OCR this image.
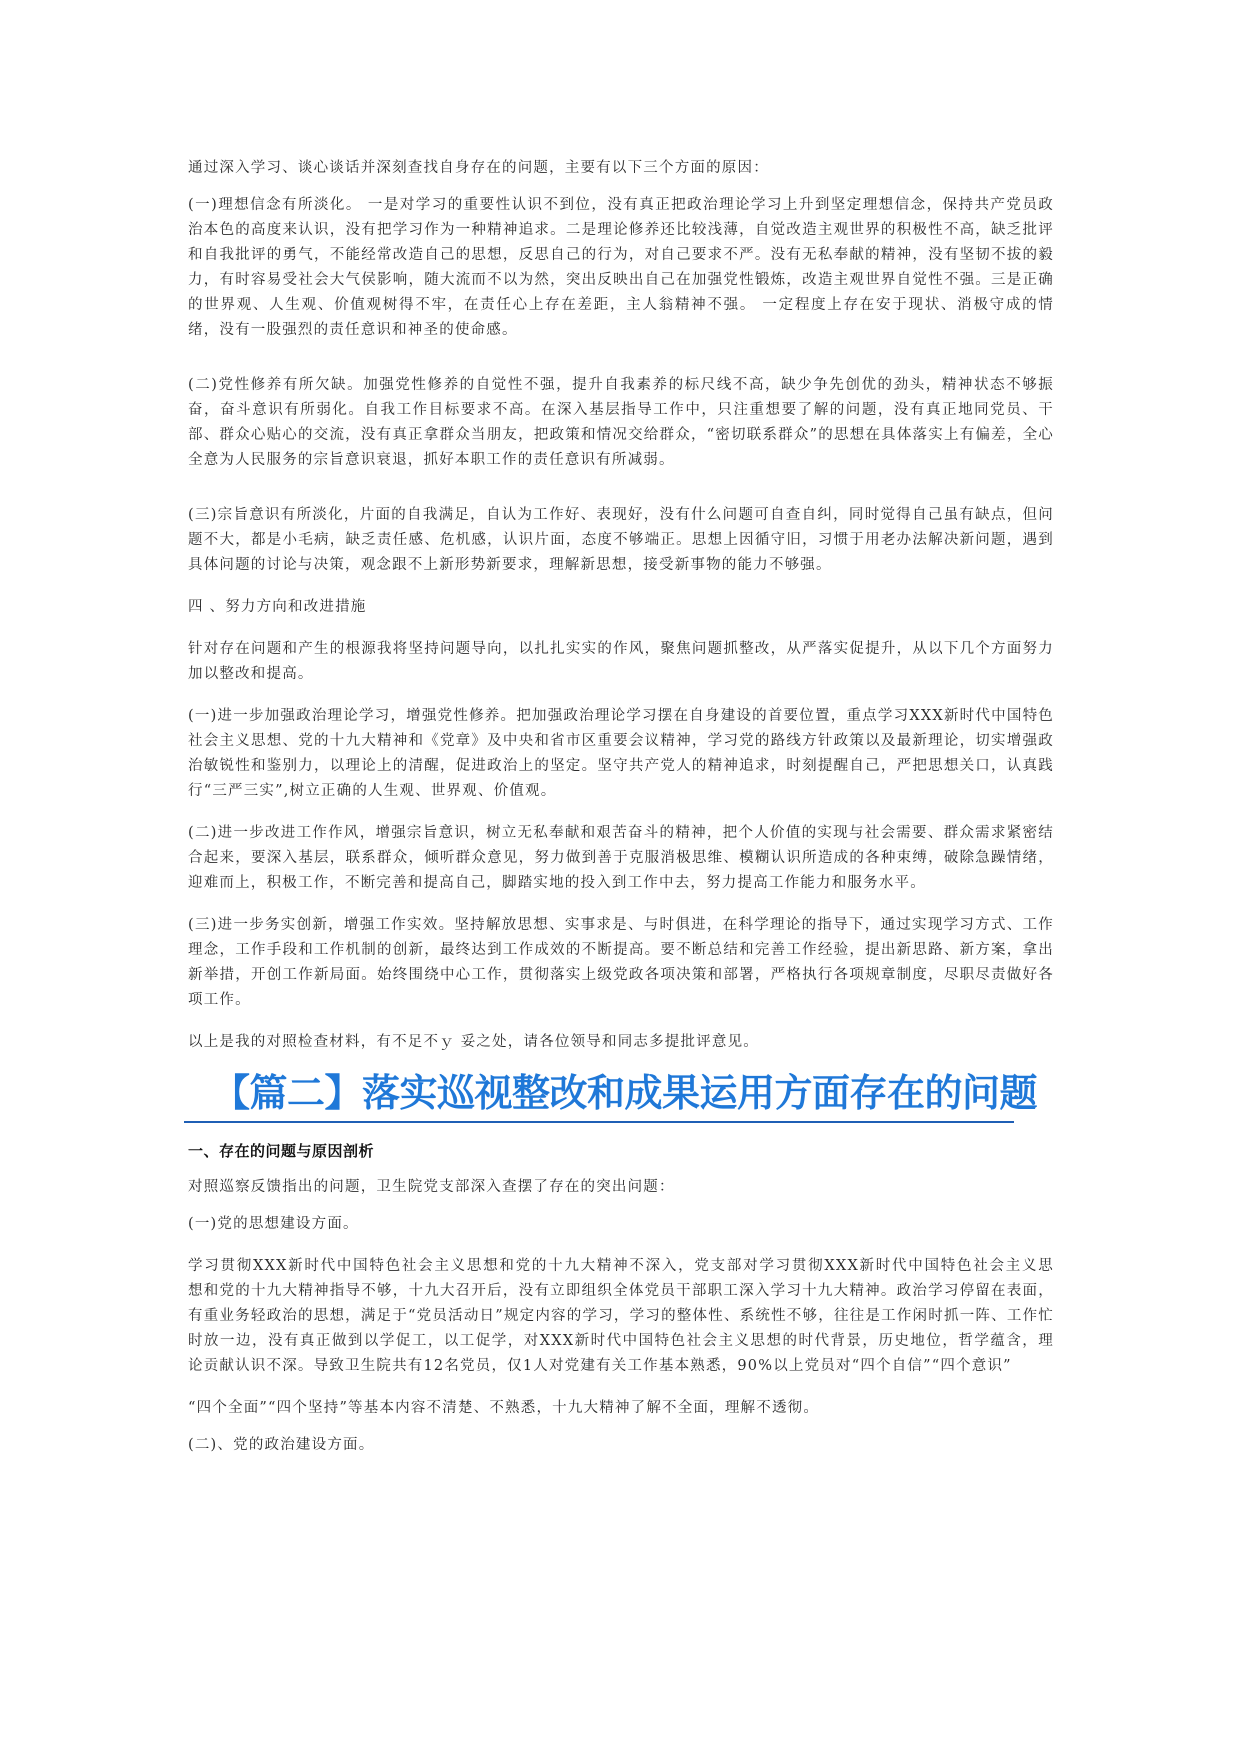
通过深入学习、谈心谈话并深刻查找自身存在的问题，主要有以下三个方面的原因：

(一)理想信念有所淡化。 一是对学习的重要性认识不到位，没有真正把政治理论学习上升到坚定理想信念，保持共产党员政治本色的高度来认识，没有把学习作为一种精神追求。二是理论修养还比较浅薄，自觉改造主观世界的积极性不高，缺乏批评和自我批评的勇气，不能经常改造自己的思想，反思自己的行为，对自己要求不严。没有无私奉献的精神，没有坚韧不拔的毅力，有时容易受社会大气侯影响，随大流而不以为然，突出反映出自己在加强党性锻炼，改造主观世界自觉性不强。三是正确的世界观、人生观、价值观树得不牢，在责任心上存在差距，主人翁精神不强。 一定程度上存在安于现状、消极守成的情绪，没有一股强烈的责任意识和神圣的使命感。

(二)党性修养有所欠缺。加强党性修养的自觉性不强，提升自我素养的标尺线不高，缺少争先创优的劲头，精神状态不够振奋，奋斗意识有所弱化。自我工作目标要求不高。在深入基层指导工作中，只注重想要了解的问题，没有真正地同党员、干部、群众心贴心的交流，没有真正拿群众当朋友，把政策和情况交给群众，“密切联系群众”的思想在具体落实上有偏差，全心全意为人民服务的宗旨意识衰退，抓好本职工作的责任意识有所减弱。

(三)宗旨意识有所淡化，片面的自我满足，自认为工作好、表现好，没有什么问题可自查自纠，同时觉得自己虽有缺点，但问题不大，都是小毛病，缺乏责任感、危机感，认识片面，态度不够端正。思想上因循守旧，习惯于用老办法解决新问题，遇到具体问题的讨论与决策，观念跟不上新形势新要求，理解新思想，接受新事物的能力不够强。

四 、努力方向和改进措施

针对存在问题和产生的根源我将坚持问题导向，以扎扎实实的作风，聚焦问题抓整改，从严落实促提升，从以下几个方面努力加以整改和提高。

(一)进一步加强政治理论学习，增强党性修养。把加强政治理论学习摆在自身建设的首要位置，重点学习XXX新时代中国特色社会主义思想、党的十九大精神和《党章》及中央和省市区重要会议精神，学习党的路线方针政策以及最新理论，切实增强政治敏锐性和鉴别力，以理论上的清醒，促进政治上的坚定。坚守共产党人的精神追求，时刻提醒自己，严把思想关口，认真践行“三严三实”,树立正确的人生观、世界观、价值观。

(二)进一步改进工作作风，增强宗旨意识，树立无私奉献和艰苦奋斗的精神，把个人价值的实现与社会需要、群众需求紧密结合起来，要深入基层，联系群众，倾听群众意见，努力做到善于克服消极思维、模糊认识所造成的各种束缚，破除急躁情绪，迎难而上，积极工作，不断完善和提高自己，脚踏实地的投入到工作中去，努力提高工作能力和服务水平。

(三)进一步务实创新，增强工作实效。坚持解放思想、实事求是、与时俱进，在科学理论的指导下，通过实现学习方式、工作理念，工作手段和工作机制的创新，最终达到工作成效的不断提高。要不断总结和完善工作经验，提出新思路、新方案，拿出新举措，开创工作新局面。始终围绕中心工作，贯彻落实上级党政各项决策和部署，严格执行各项规章制度，尽职尽责做好各项工作。

以上是我的对照检查材料，有不足不ｙ 妥之处，请各位领导和同志多提批评意见。

【篇二】落实巡视整改和成果运用方面存在的问题
一、存在的问题与原因剖析

对照巡察反馈指出的问题，卫生院党支部深入查摆了存在的突出问题：

(一)党的思想建设方面。

学习贯彻XXX新时代中国特色社会主义思想和党的十九大精神不深入，党支部对学习贯彻XXX新时代中国特色社会主义思　想和党的十九大精神指导不够，十九大召开后，没有立即组织全体党员干部职工深入学习十九大精神。政治学习停留在表面，有重业务轻政治的思想，满足于“党员活动日”规定内容的学习，学习的整体性、系统性不够，往往是工作闲时抓一阵、工作忙时放一边，没有真正做到以学促工，以工促学，对XXX新时代中国特色社会主义思想的时代背景，历史地位，哲学蕴含，理论贡献认识不深。导致卫生院共有12名党员，仅1人对党建有关工作基本熟悉，90%以上党员对“四个自信”“四个意识”

“四个全面”“四个坚持”等基本内容不清楚、不熟悉，十九大精神了解不全面，理解不透彻。

(二)、党的政治建设方面。
